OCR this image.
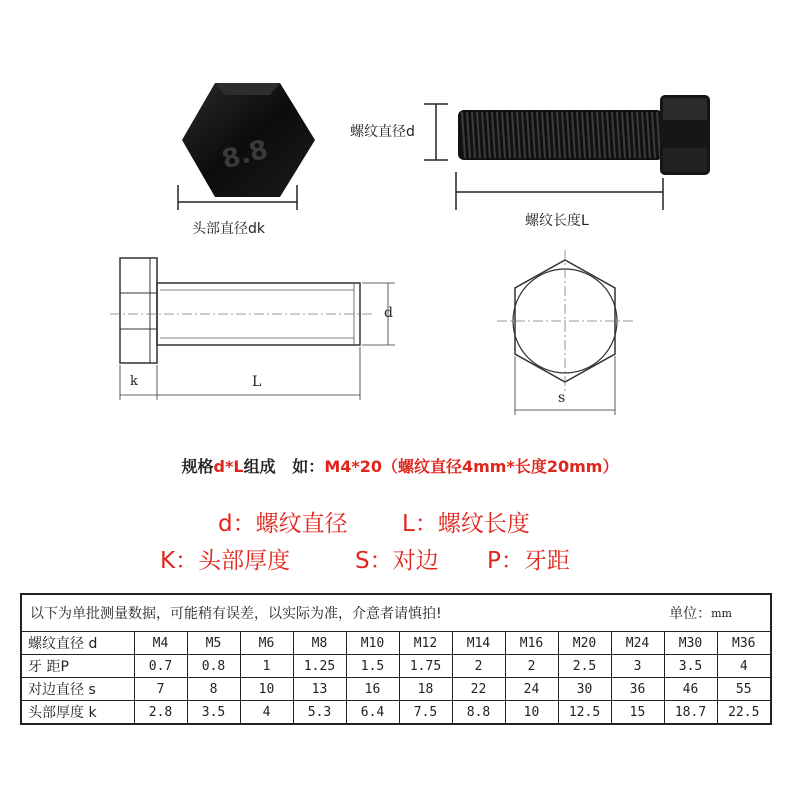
8.8
头部直径dk
螺纹直径d
螺纹长度L
d
k	L
s
规格d*L组成 如：M4*20（螺纹直径4mm*长度20mm）
d：螺纹直径 L：螺纹长度
K：头部厚度	S：对边 P：牙距
以下为单批测量数据，可能稍有误差，以实际为准，介意者请慎拍!	单位： mm
螺纹直径 d	M4	M5	M6	M8	M10	M12	M14	M16	M20	M24	M30	M36
牙 距P	0.7	0.8	1	1.25	1.5	1.75	2	2	2.5	3	3.5	4
对边直径 s	7	8	10	13	16	18	22	24	30	36	46	55
头部厚度 k	2.8	3.5	4	5.3	6.4	7.5	8.8	10	12.5	15	18.7	22.5
